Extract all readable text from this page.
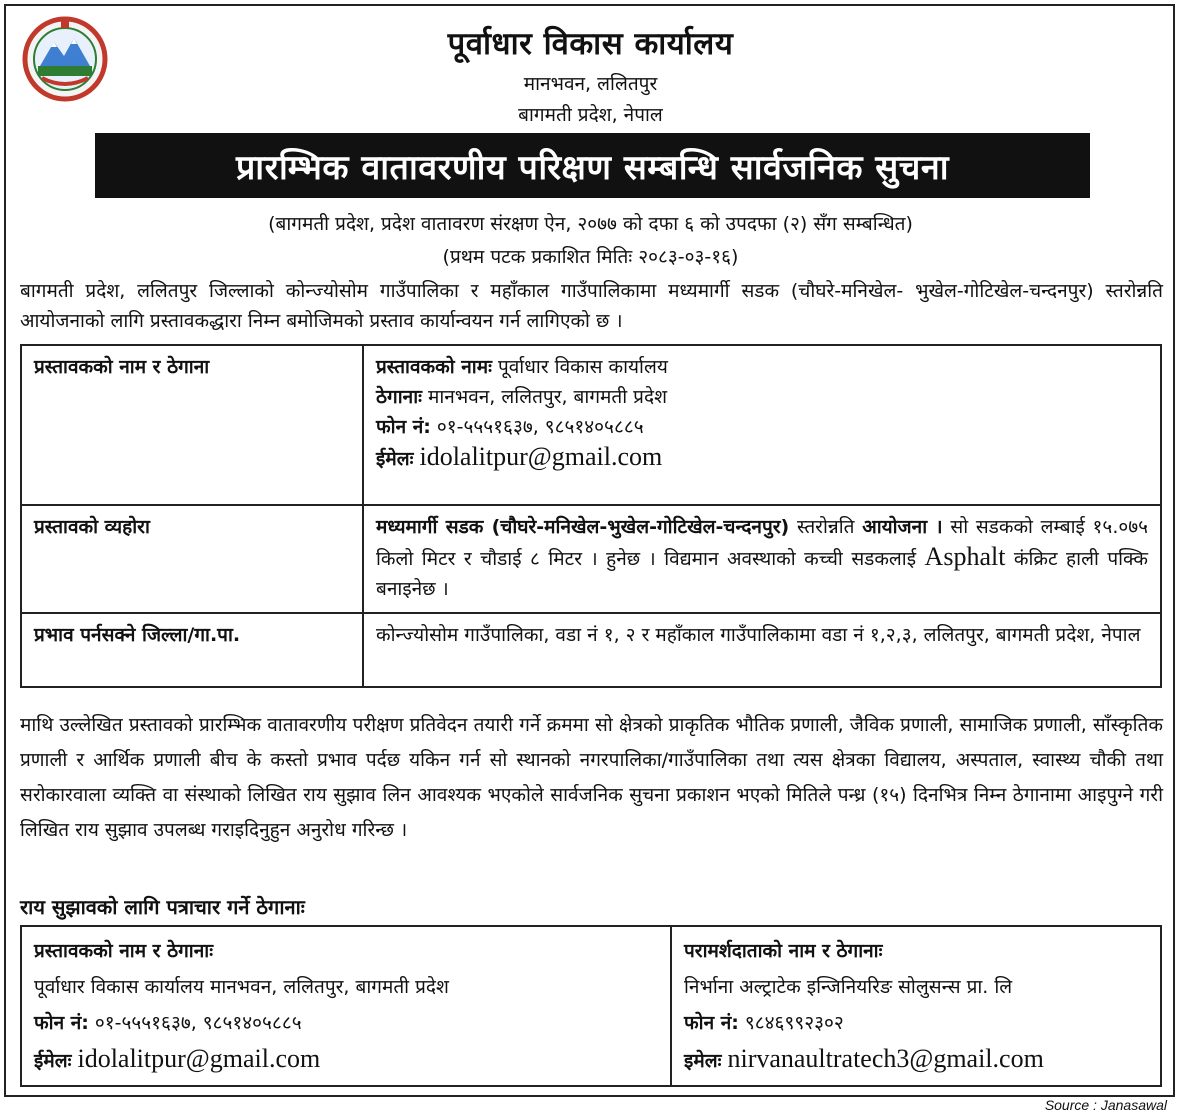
पूर्वाधार विकास कार्यालय
मानभवन, ललितपुर
बागमती प्रदेश, नेपाल
प्रारम्भिक वातावरणीय परिक्षण सम्बन्धि सार्वजनिक सुचना
(बागमती प्रदेश, प्रदेश वातावरण संरक्षण ऐन, २०७७ को दफा ६ को उपदफा (२) सँग सम्बन्धित)
(प्रथम पटक प्रकाशित मितिः २०८३-०३-१६)
बागमती प्रदेश, ललितपुर जिल्लाको कोन्ज्योसोम गाउँपालिका र महाँकाल गाउँपालिकामा मध्यमार्गी सडक (चौघरे-मनिखेल- भुखेल-गोटिखेल-चन्दनपुर) स्तरोन्नति आयोजनाको लागि प्रस्तावकद्धारा निम्न बमोजिमको प्रस्ताव कार्यान्वयन गर्न लागिएको छ ।
प्रस्तावकको नाम र ठेगाना	प्रस्तावकको नामः पूर्वाधार विकास कार्यालय
ठेगानाः मानभवन, ललितपुर, बागमती प्रदेश
फोन नं: ०१-५५५१६३७, ९८५१४०५८८५
ईमेलः idolalitpur@gmail.com

प्रस्तावको व्यहोरा	मध्यमार्गी सडक (चौघरे-मनिखेल-भुखेल-गोटिखेल-चन्दनपुर) स्तरोन्नति आयोजना । सो सडकको लम्बाई १५.०७५ किलो मिटर र चौडाई ८ मिटर । हुनेछ । विद्यमान अवस्थाको कच्ची सडकलाई Asphalt कंक्रिट हाली पक्कि बनाइनेछ ।
प्रभाव पर्नसक्ने जिल्ला/गा.पा.	कोन्ज्योसोम गाउँपालिका, वडा नं १, २ र महाँकाल गाउँपालिकामा वडा नं १,२,३, ललितपुर, बागमती प्रदेश, नेपाल
माथि उल्लेखित प्रस्तावको प्रारम्भिक वातावरणीय परीक्षण प्रतिवेदन तयारी गर्ने क्रममा सो क्षेत्रको प्राकृतिक भौतिक प्रणाली, जैविक प्रणाली, सामाजिक प्रणाली, साँस्कृतिक प्रणाली र आर्थिक प्रणाली बीच के कस्तो प्रभाव पर्दछ यकिन गर्न सो स्थानको नगरपालिका/गाउँपालिका तथा त्यस क्षेत्रका विद्यालय, अस्पताल, स्वास्थ्य चौकी तथा सरोकारवाला व्यक्ति वा संस्थाको लिखित राय सुझाव लिन आवश्यक भएकोले सार्वजनिक सुचना प्रकाशन भएको मितिले पन्ध्र (१५) दिनभित्र निम्न ठेगानामा आइपुग्ने गरी लिखित राय सुझाव उपलब्ध गराइदिनुहुन अनुरोध गरिन्छ ।
राय सुझावको लागि पत्राचार गर्ने ठेगानाः
प्रस्तावकको नाम र ठेगानाः
पूर्वाधार विकास कार्यालय मानभवन, ललितपुर, बागमती प्रदेश
फोन नं: ०१-५५५१६३७, ९८५१४०५८८५
ईमेलः idolalitpur@gmail.com

परामर्शदाताको नाम र ठेगानाः
निर्भाना अल्ट्राटेक इन्जिनियरिङ सोलुसन्स प्रा. लि
फोन नं: ९८४६९९२३०२
इमेलः nirvanaultratech3@gmail.com
Source : Janasawal
